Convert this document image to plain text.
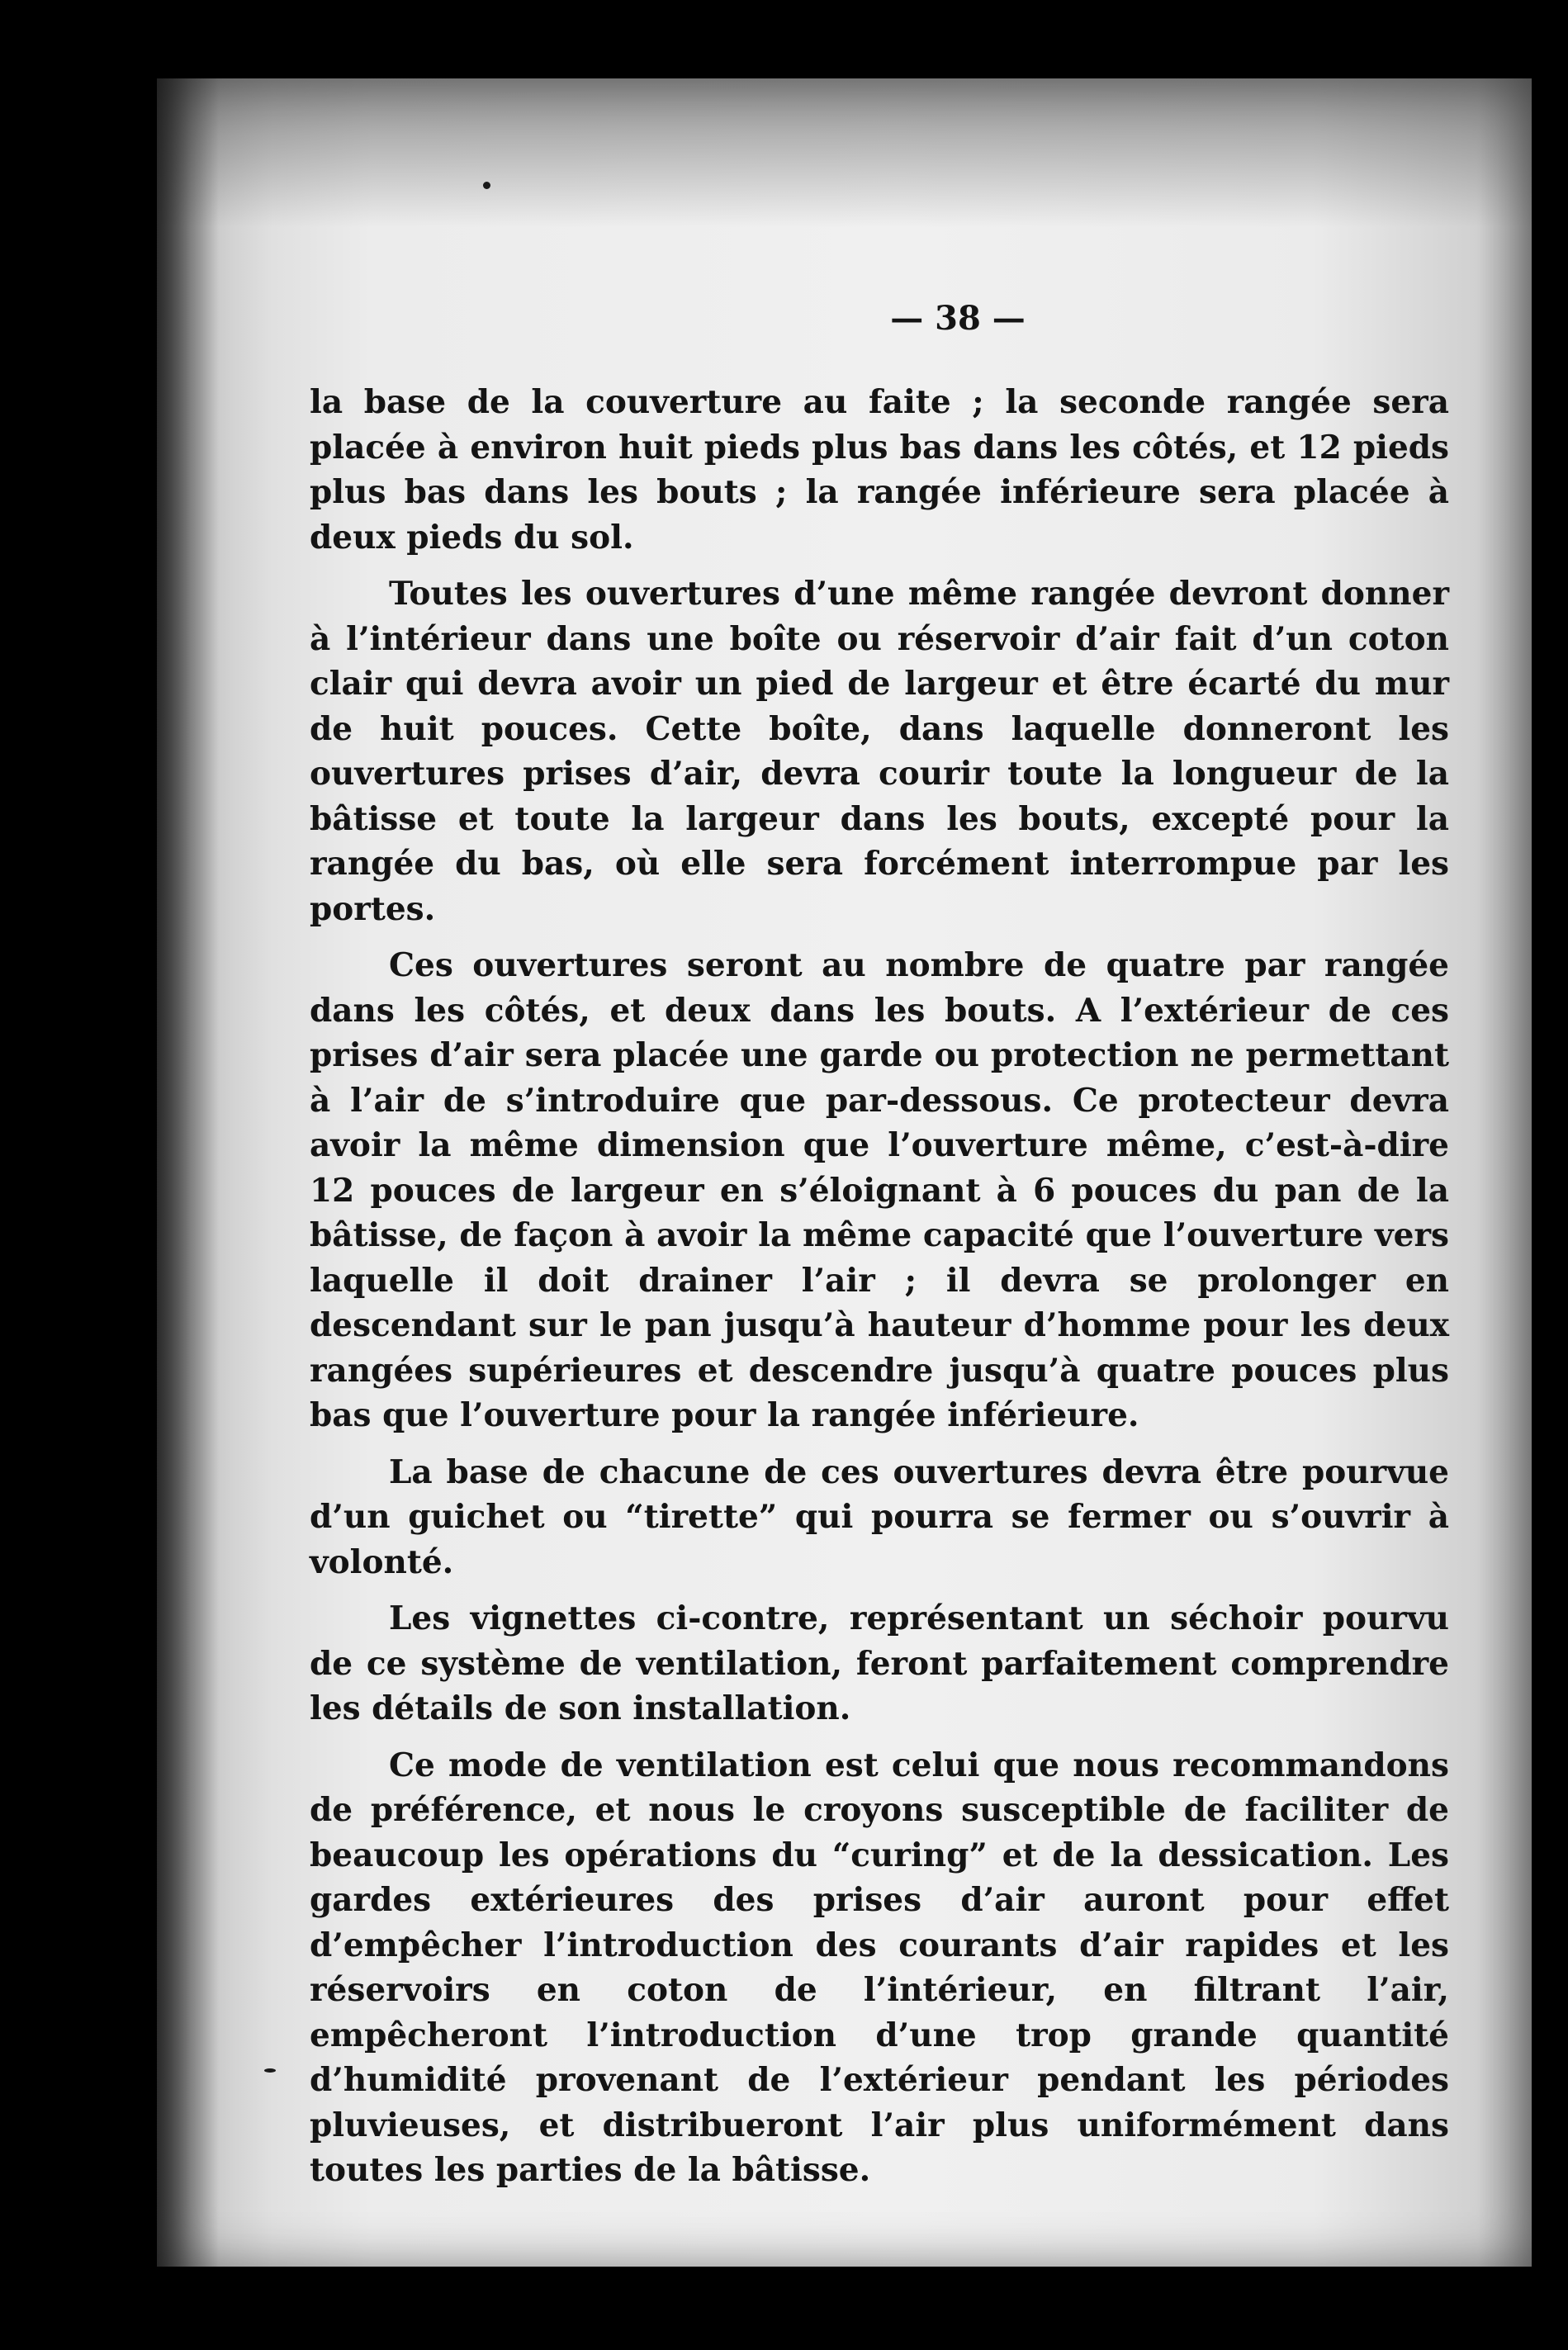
— 38 —

la base de la couverture au faite ; la seconde rangée sera placée à environ huit pieds plus bas dans les côtés, et 12 pieds plus bas dans les bouts ; la rangée inférieure sera placée à deux pieds du sol.

Toutes les ouvertures d’une même rangée devront donner à l’intérieur dans une boîte ou réservoir d’air fait d’un coton clair qui devra avoir un pied de largeur et être écarté du mur de huit pouces. Cette boîte, dans laquelle donneront les ouvertures prises d’air, devra courir toute la longueur de la bâtisse et toute la largeur dans les bouts, excepté pour la rangée du bas, où elle sera forcément interrompue par les portes.

Ces ouvertures seront au nombre de quatre par rangée dans les côtés, et deux dans les bouts. A l’extérieur de ces prises d’air sera placée une garde ou protection ne permettant à l’air de s’introduire que par-dessous. Ce protecteur devra avoir la même dimension que l’ouverture même, c’est-à-dire 12 pouces de largeur en s’éloignant à 6 pouces du pan de la bâtisse, de façon à avoir la même capacité que l’ouverture vers laquelle il doit drainer l’air ; il devra se prolonger en descendant sur le pan jusqu’à hauteur d’homme pour les deux rangées supérieures et descendre jusqu’à quatre pouces plus bas que l’ouverture pour la rangée inférieure.

La base de chacune de ces ouvertures devra être pourvue d’un guichet ou “tirette” qui pourra se fermer ou s’ouvrir à volonté.

Les vignettes ci-contre, représentant un séchoir pourvu de ce système de ventilation, feront parfaitement comprendre les détails de son installation.

Ce mode de ventilation est celui que nous recommandons de préférence, et nous le croyons susceptible de faciliter de beaucoup les opérations du “curing” et de la dessication. Les gardes extérieures des prises d’air auront pour effet d’empêcher l’introduction des courants d’air rapides et les réservoirs en coton de l’intérieur, en filtrant l’air, empêcheront l’introduction d’une trop grande quantité d’humidité provenant de l’extérieur pendant les périodes pluvieuses, et distribueront l’air plus uniformément dans toutes les parties de la bâtisse.
